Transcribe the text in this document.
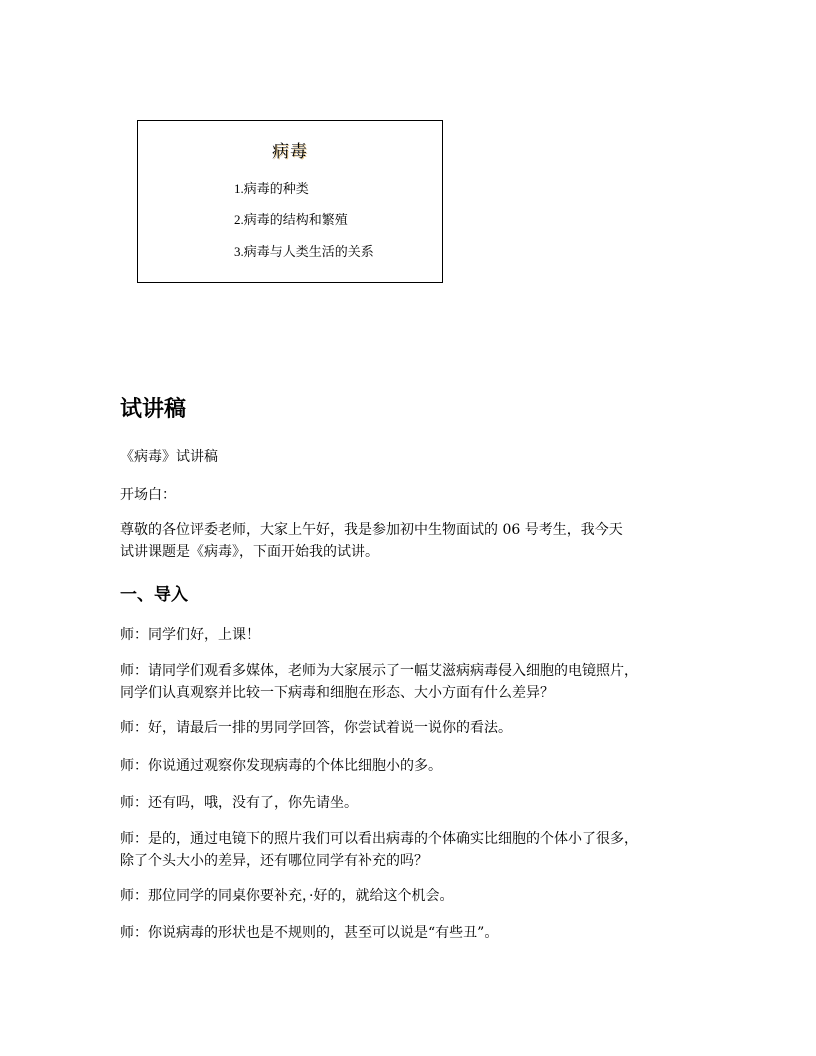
病毒
1.病毒的种类
2.病毒的结构和繁殖
3.病毒与人类生活的关系
试讲稿
《病毒》试讲稿
开场白：
尊敬的各位评委老师，大家上午好，我是参加初中生物面试的 06 号考生，我今天
试讲课题是《病毒》，下面开始我的试讲。
一、导入
师：同学们好，上课！
师：请同学们观看多媒体，老师为大家展示了一幅艾滋病病毒侵入细胞的电镜照片，
同学们认真观察并比较一下病毒和细胞在形态、大小方面有什么差异？
师：好，请最后一排的男同学回答，你尝试着说一说你的看法。
师：你说通过观察你发现病毒的个体比细胞小的多。
师：还有吗，哦，没有了，你先请坐。
师：是的，通过电镜下的照片我们可以看出病毒的个体确实比细胞的个体小了很多，
除了个头大小的差异，还有哪位同学有补充的吗？
师：那位同学的同桌你要补充，·好的，就给这个机会。
师：你说病毒的形状也是不规则的，甚至可以说是“有些丑”。
